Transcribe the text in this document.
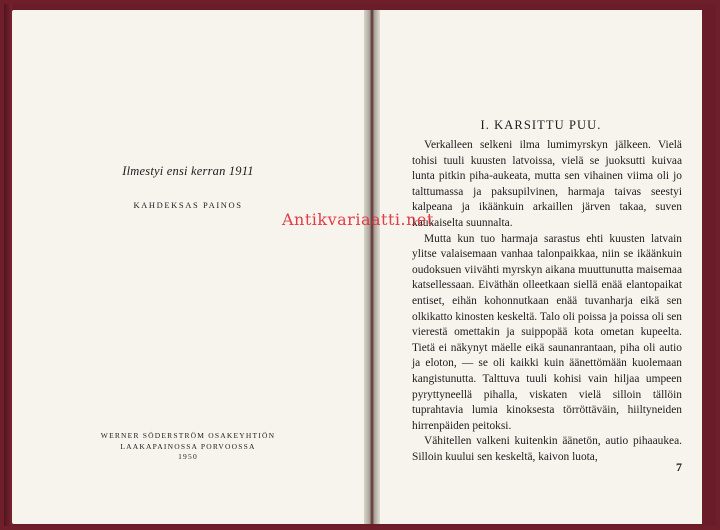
Ilmestyi ensi kerran 1911
KAHDEKSAS PAINOS
WERNER SÖDERSTRÖM OSAKEYHTIÖN
LAAKAPAINOSSA PORVOOSSA
1950
I. KARSITTU PUU.

Verkalleen selkeni ilma lumimyrskyn jälkeen. Vielä tohisi tuuli kuusten latvoissa, vielä se juoksutti kuivaa lunta pitkin piha-aukeata, mutta sen vihainen viima oli jo talttumassa ja paksupilvinen, harmaja taivas seestyi kalpeana ja ikäänkuin arkaillen järven takaa, suven kaukaiselta suunnalta.

Mutta kun tuo harmaja sarastus ehti kuusten latvain ylitse valaisemaan vanhaa talonpaikkaa, niin se ikäänkuin oudoksuen viivähti myrskyn aikana muuttunutta maisemaa katsellessaan. Eiväthän olleetkaan siellä enää elantopaikat entiset, eihän kohonnutkaan enää tuvanharja eikä sen olkikatto kinosten keskeltä. Talo oli poissa ja poissa oli sen vierestä omettakin ja suippopää kota ometan kupeelta. Tietä ei näkynyt mäelle eikä saunanrantaan, piha oli autio ja eloton, — se oli kaikki kuin äänettömään kuolemaan kangistunutta. Talttuva tuuli kohisi vain hiljaa umpeen pyryttyneellä pihalla, viskaten vielä silloin tällöin tuprahtavia lumia kinoksesta törröttäväin, hiiltyneiden hirrenpäiden peitoksi.

Vähitellen valkeni kuitenkin äänetön, autio pihaaukea. Silloin kuului sen keskeltä, kaivon luota,

7
Antikvariaatti.net
